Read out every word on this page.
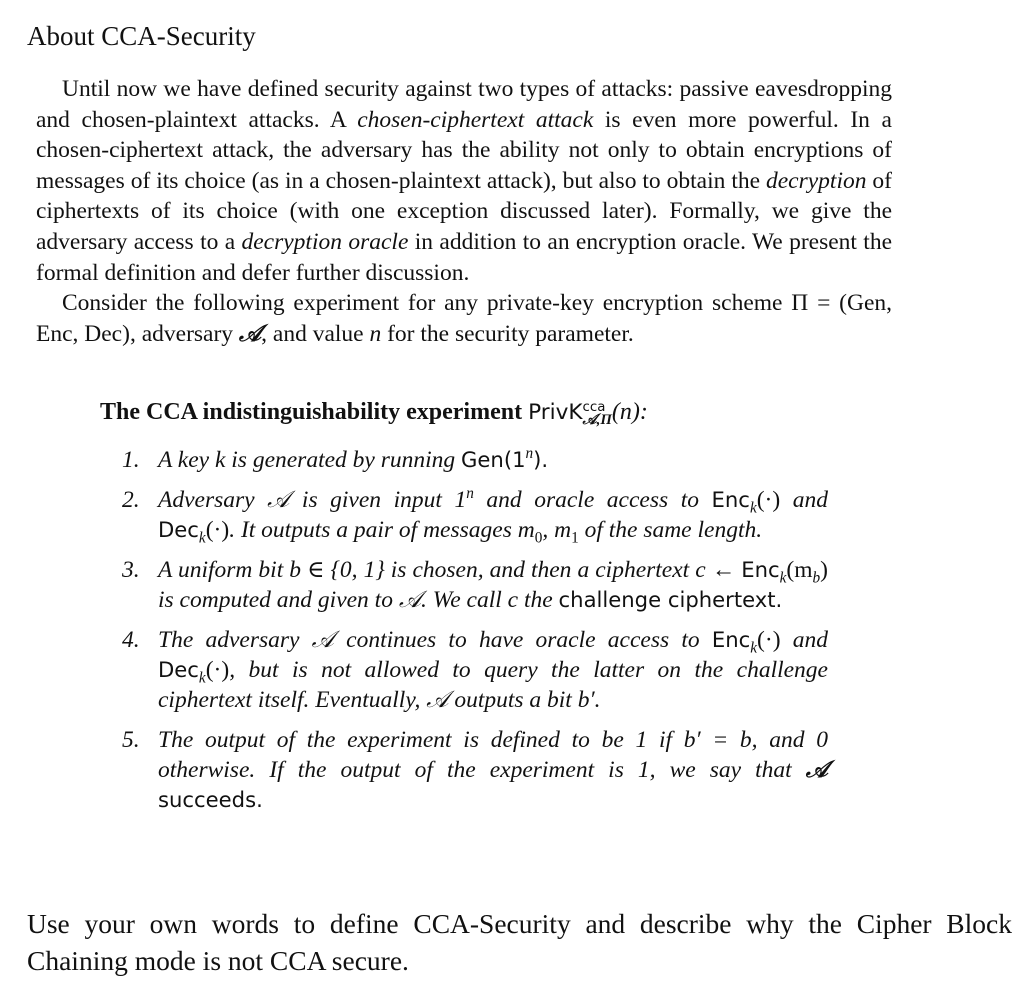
About CCA-Security

Until now we have defined security against two types of attacks: passive eavesdropping and chosen-plaintext attacks. A chosen-ciphertext attack is even more powerful. In a chosen-ciphertext attack, the adversary has the ability not only to obtain encryptions of messages of its choice (as in a chosen-plaintext attack), but also to obtain the decryption of ciphertexts of its choice (with one exception discussed later). Formally, we give the adversary access to a decryption oracle in addition to an encryption oracle. We present the formal definition and defer further discussion.

Consider the following experiment for any private-key encryption scheme Π = (Gen, Enc, Dec), adversary 𝒜, and value n for the security parameter.

The CCA indistinguishability experiment PrivK cca
𝒜,Π (n):
1. A key k is generated by running Gen(1$^n$).
2. Adversary 𝒜 is given input 1$^n$ and oracle access to Enc$_k$(·) and Dec$_k$(·). It outputs a pair of messages $m_0$, $m_1$ of the same length.
3. A uniform bit b ∈ {0, 1} is chosen, and then a ciphertext c ← $Enc_k(m_b)$ is computed and given to 𝒜. We call c the challenge ciphertext.
4. The adversary 𝒜 continues to have oracle access to Enc$_k$(·) and Dec$_k$(·), but is not allowed to query the latter on the challenge ciphertext itself. Eventually, 𝒜 outputs a bit b′.
5. The output of the experiment is defined to be 1 if b′ = b, and 0 otherwise. If the output of the experiment is 1, we say that 𝒜 succeeds.

Use your own words to define CCA-Security and describe why the Cipher Block Chaining mode is not CCA secure.
